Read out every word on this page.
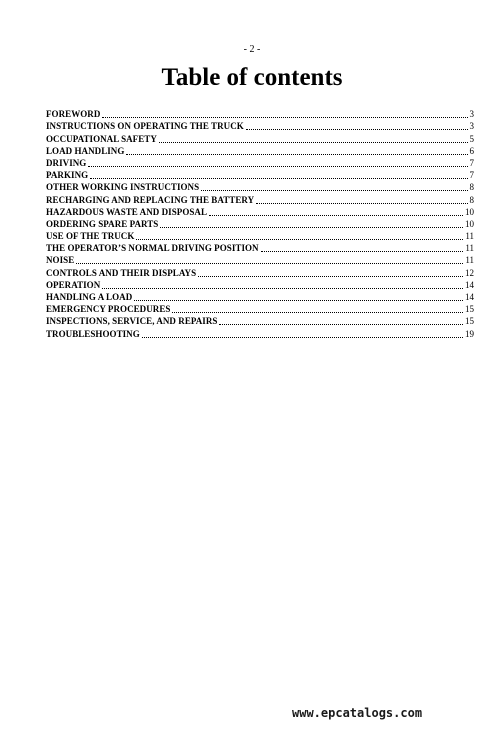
- 2 -
Table of contents
FOREWORD	3
INSTRUCTIONS ON OPERATING THE TRUCK	3
OCCUPATIONAL SAFETY	5
LOAD HANDLING	6
DRIVING	7
PARKING	7
OTHER WORKING INSTRUCTIONS	8
RECHARGING AND REPLACING THE BATTERY	8
HAZARDOUS WASTE AND DISPOSAL	10
ORDERING SPARE PARTS	10
USE OF THE TRUCK	11
THE OPERATOR’S NORMAL DRIVING POSITION	11
NOISE	11
CONTROLS AND THEIR DISPLAYS	12
OPERATION	14
HANDLING A LOAD	14
EMERGENCY PROCEDURES	15
INSPECTIONS, SERVICE, AND REPAIRS	15
TROUBLESHOOTING	19
www.epcatalogs.com
